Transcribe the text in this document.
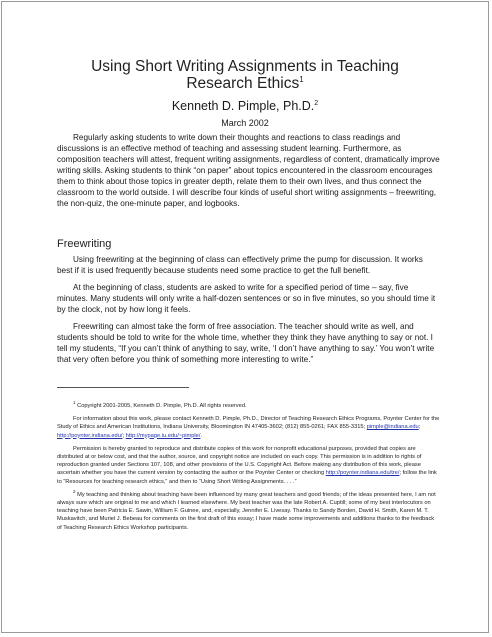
Using Short Writing Assignments in Teaching Research Ethics$^1$
Kenneth D. Pimple, Ph.D.$^2$
March 2002

Regularly asking students to write down their thoughts and reactions to class readings and discussions is an effective method of teaching and assessing student learning. Furthermore, as composition teachers will attest, frequent writing assignments, regardless of content, dramatically improve writing skills. Asking students to think “on paper” about topics encountered in the classroom encourages them to think about those topics in greater depth, relate them to their own lives, and thus connect the classroom to the world outside. I will describe four kinds of useful short writing assignments – freewriting, the non-quiz, the one-minute paper, and logbooks.

Freewriting

Using freewriting at the beginning of class can effectively prime the pump for discussion. It works best if it is used frequently because students need some practice to get the full benefit.

At the beginning of class, students are asked to write for a specified period of time – say, five minutes. Many students will only write a half-dozen sentences or so in five minutes, so you should time it by the clock, not by how long it feels.

Freewriting can almost take the form of free association. The teacher should write as well, and students should be told to write for the whole time, whether they think they have anything to say or not. I tell my students, “If you can’t think of anything to say, write, ‘I don’t have anything to say.’ You won’t write that very often before you think of something more interesting to write.”

$^1$ Copyright 2001-2005, Kenneth D. Pimple, Ph.D. All rights reserved.

For information about this work, please contact Kenneth D. Pimple, Ph.D., Director of Teaching Research Ethics Programs, Poynter Center for the Study of Ethics and American Institutions, Indiana University, Bloomington IN 47405-3602; (812) 855-0261; FAX 855-3315; pimple@indiana.edu; http://poynter.indiana.edu/; http://mypage.iu.edu/~pimple/.

Permission is hereby granted to reproduce and distribute copies of this work for nonprofit educational purposes, provided that copies are distributed at or below cost, and that the author, source, and copyright notice are included on each copy. This permission is in addition to rights of reproduction granted under Sections 107, 108, and other provisions of the U.S. Copyright Act. Before making any distribution of this work, please ascertain whether you have the current version by contacting the author or the Poynter Center or checking http://poynter.indiana.edu/tre/; follow the link to “Resources for teaching research ethics,” and then to “Using Short Writing Assignments. . . .”

$^2$ My teaching and thinking about teaching have been influenced by many great teachers and good friends; of the ideas presented here, I am not always sure which are original to me and which I learned elsewhere. My best teacher was the late Robert A. Cuptill; some of my best interlocutors on teaching have been Patricia E. Sawin, William F. Guinee, and, especially, Jennifer E. Livesay. Thanks to Sandy Borden, David H. Smith, Karen M. T. Muskavitch, and Muriel J. Bebeau for comments on the first draft of this essay; I have made some improvements and additions thanks to the feedback of Teaching Research Ethics Workshop participants.
